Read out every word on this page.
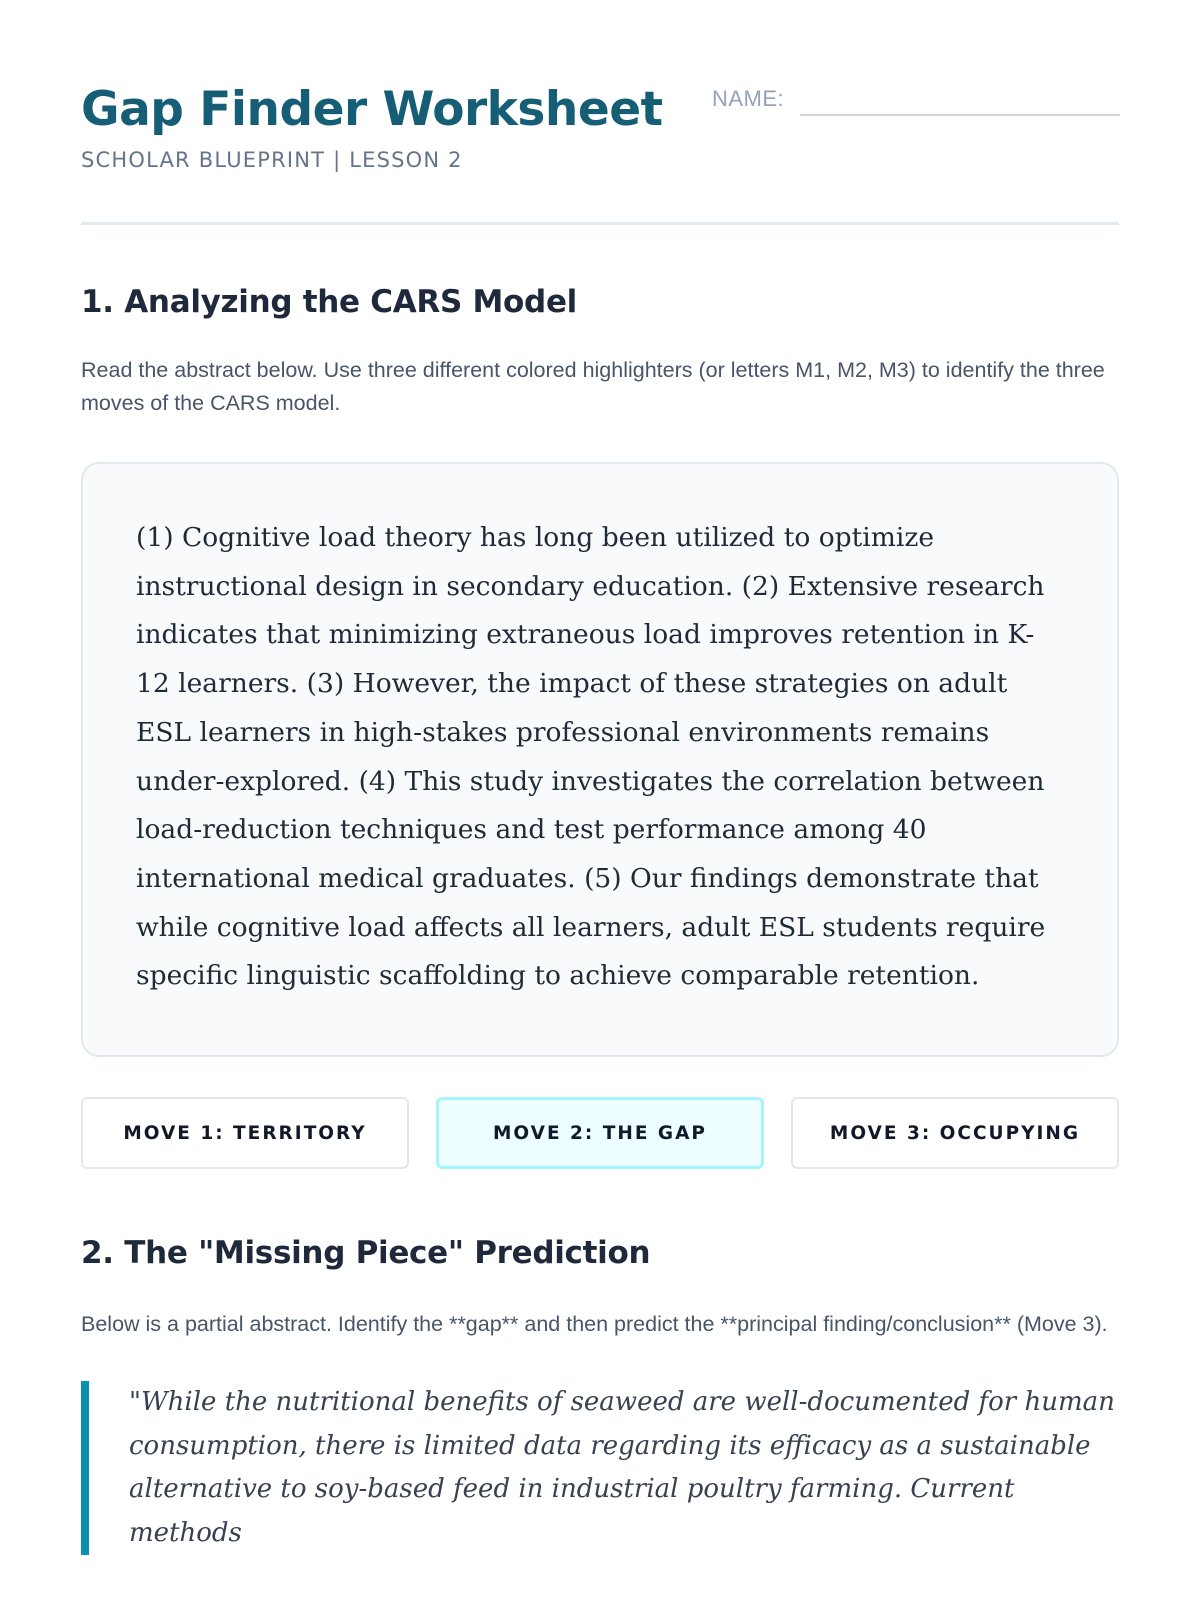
Gap Finder Worksheet
SCHOLAR BLUEPRINT | LESSON 2
NAME:
1. Analyzing the CARS Model

Read the abstract below. Use three different colored highlighters (or letters M1, M2, M3) to identify the three moves of the CARS model.

(1) Cognitive load theory has long been utilized to optimize instructional design in secondary education. (2) Extensive research indicates that minimizing extraneous load improves retention in K-12 learners. (3) However, the impact of these strategies on adult ESL learners in high-stakes professional environments remains under-explored. (4) This study investigates the correlation between load-reduction techniques and test performance among 40 international medical graduates. (5) Our findings demonstrate that while cognitive load affects all learners, adult ESL students require specific linguistic scaffolding to achieve comparable retention.
MOVE 1: TERRITORY	MOVE 2: THE GAP	MOVE 3: OCCUPYING
2. The "Missing Piece" Prediction

Below is a partial abstract. Identify the **gap** and then predict the **principal finding/conclusion** (Move 3).

"While the nutritional benefits of seaweed are well-documented for human consumption, there is limited data regarding its efficacy as a sustainable alternative to soy-based feed in industrial poultry farming. Current methods
